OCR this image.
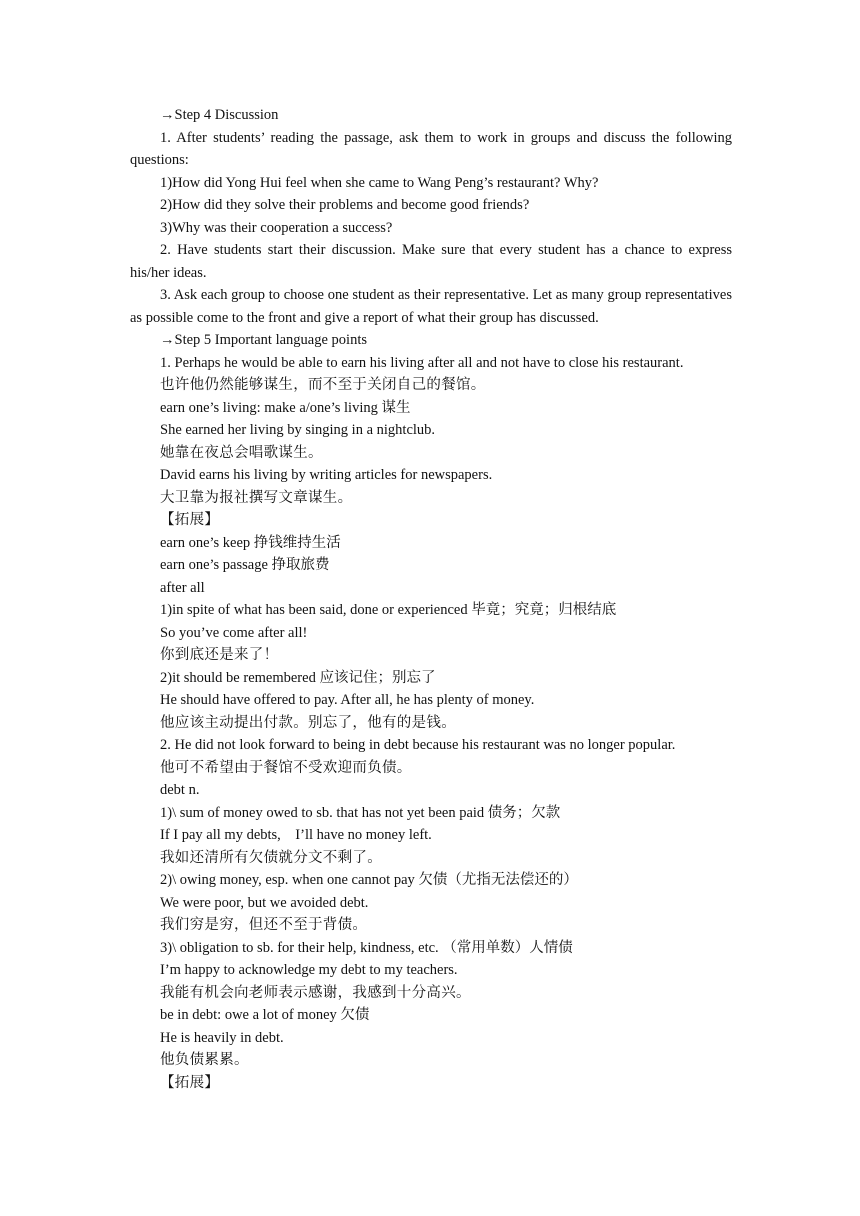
→Step 4 Discussion

1. After students’ reading the passage, ask them to work in groups and discuss the following questions:

1)How did Yong Hui feel when she came to Wang Peng’s restaurant? Why?

2)How did they solve their problems and become good friends?

3)Why was their cooperation a success?

2. Have students start their discussion. Make sure that every student has a chance to express his/her ideas.

3. Ask each group to choose one student as their representative. Let as many group representatives as possible come to the front and give a report of what their group has discussed.

→Step 5 Important language points

1. Perhaps he would be able to earn his living after all and not have to close his restaurant.

也许他仍然能够谋生，而不至于关闭自己的餐馆。

earn one’s living: make a/one’s living 谋生

She earned her living by singing in a nightclub.

她靠在夜总会唱歌谋生。

David earns his living by writing articles for newspapers.

大卫靠为报社撰写文章谋生。

【拓展】

earn one’s keep 挣钱维持生活

earn one’s passage 挣取旅费

after all

1)in spite of what has been said, done or experienced 毕竟；究竟；归根结底

So you’ve come after all!

你到底还是来了！

2)it should be remembered 应该记住；别忘了

He should have offered to pay. After all, he has plenty of money.

他应该主动提出付款。别忘了，他有的是钱。

2. He did not look forward to being in debt because his restaurant was no longer popular.

他可不希望由于餐馆不受欢迎而负债。

debt n.

1)\ sum of money owed to sb. that has not yet been paid 债务；欠款

If I pay all my debts,　I’ll have no money left.

我如还清所有欠债就分文不剩了。

2)\ owing money, esp. when one cannot pay 欠债（尤指无法偿还的）

We were poor, but we avoided debt.

我们穷是穷，但还不至于背债。

3)\ obligation to sb. for their help, kindness, etc. （常用单数）人情债

I’m happy to acknowledge my debt to my teachers.

我能有机会向老师表示感谢，我感到十分高兴。

be in debt: owe a lot of money 欠债

He is heavily in debt.

他负债累累。

【拓展】
